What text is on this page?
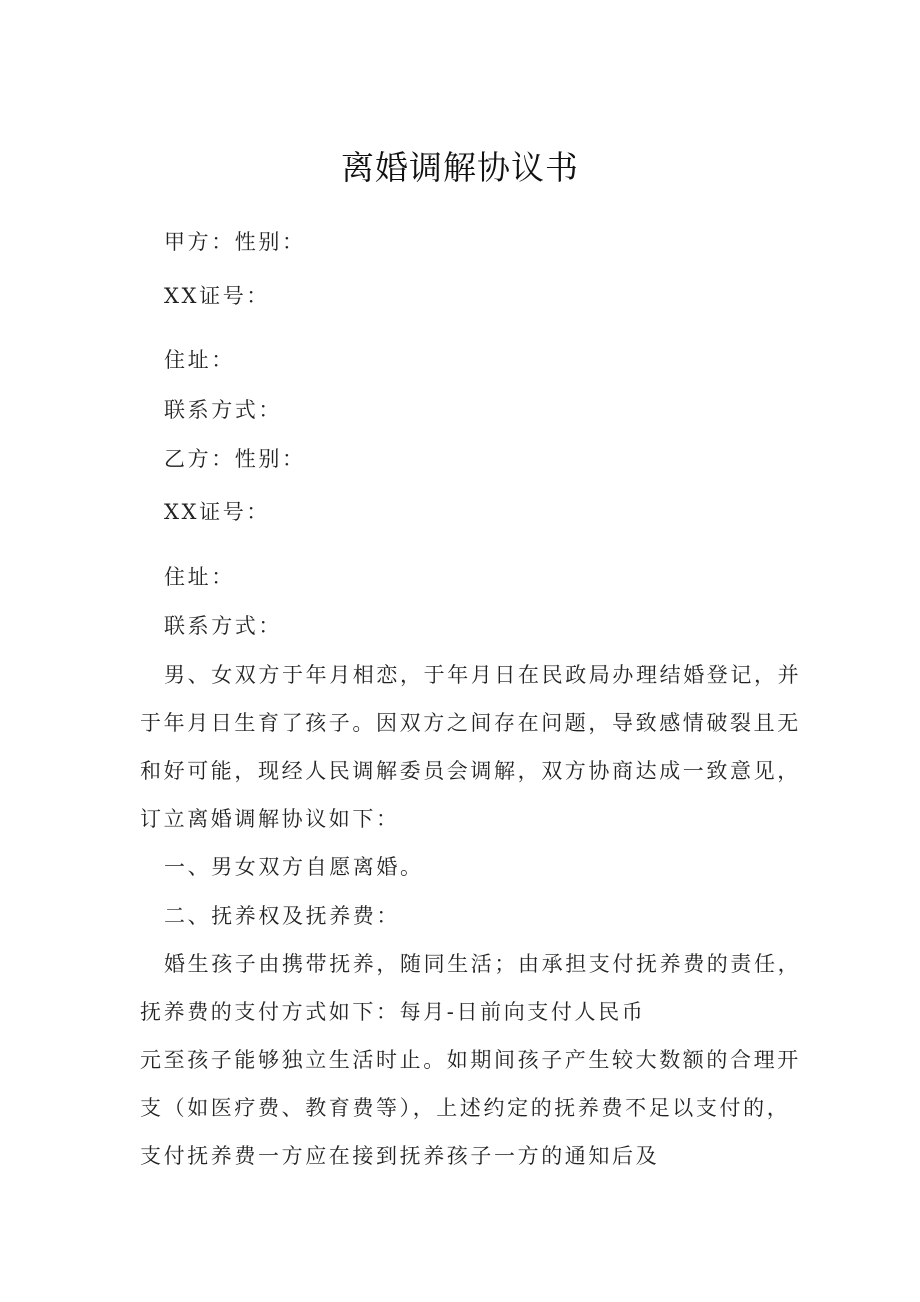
离婚调解协议书
甲方：性别：
XX证号：
住址：
联系方式：
乙方：性别：
XX证号：
住址：
联系方式：
男、女双方于年月相恋，于年月日在民政局办理结婚登记，并
于年月日生育了孩子。因双方之间存在问题，导致感情破裂且无
和好可能，现经人民调解委员会调解，双方协商达成一致意见，
订立离婚调解协议如下：
一、男女双方自愿离婚。
二、抚养权及抚养费：
婚生孩子由携带抚养，随同生活；由承担支付抚养费的责任，
抚养费的支付方式如下：每月-日前向支付人民币
元至孩子能够独立生活时止。如期间孩子产生较大数额的合理开
支（如医疗费、教育费等），上述约定的抚养费不足以支付的，
支付抚养费一方应在接到抚养孩子一方的通知后及
